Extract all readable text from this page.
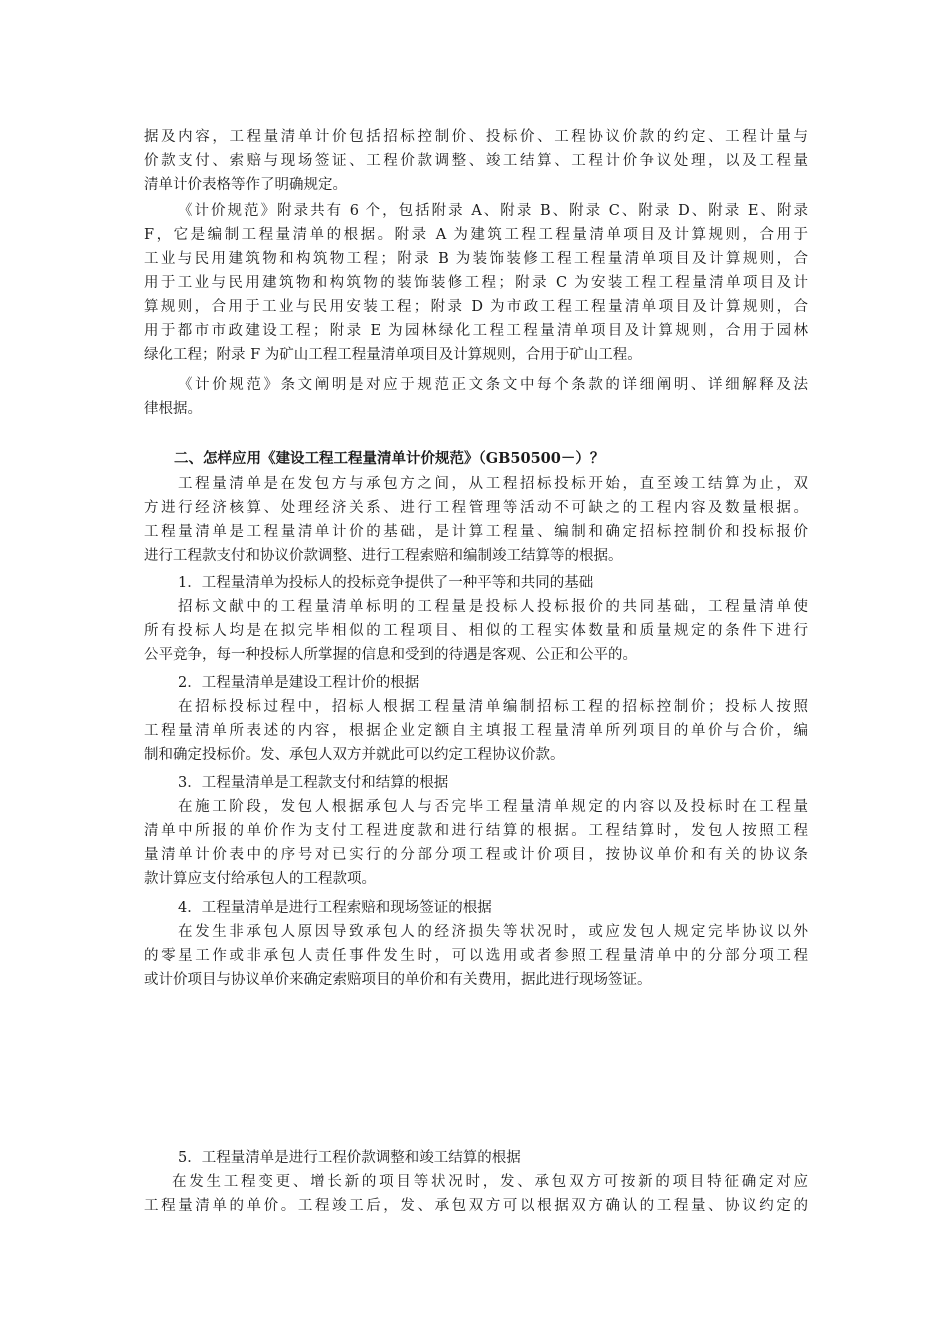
据及内容，工程量清单计价包括招标控制价、投标价、工程协议价款的约定、工程计量与
价款支付、索赔与现场签证、工程价款调整、竣工结算、工程计价争议处理，以及工程量
清单计价表格等作了明确规定。
《计价规范》附录共有 6 个，包括附录 A、附录 B、附录 C、附录 D、附录 E、附录
F，它是编制工程量清单的根据。附录 A 为建筑工程工程量清单项目及计算规则，合用于
工业与民用建筑物和构筑物工程；附录 B 为装饰装修工程工程量清单项目及计算规则，合
用于工业与民用建筑物和构筑物的装饰装修工程；附录 C 为安装工程工程量清单项目及计
算规则，合用于工业与民用安装工程；附录 D 为市政工程工程量清单项目及计算规则，合
用于都市市政建设工程；附录 E 为园林绿化工程工程量清单项目及计算规则，合用于园林
绿化工程；附录 F 为矿山工程工程量清单项目及计算规则，合用于矿山工程。
《计价规范》条文阐明是对应于规范正文条文中每个条款的详细阐明、详细解释及法
律根据。
二、怎样应用《建设工程工程量清单计价规范》（GB50500－）？
工程量清单是在发包方与承包方之间，从工程招标投标开始，直至竣工结算为止，双
方进行经济核算、处理经济关系、进行工程管理等活动不可缺之的工程内容及数量根据。
工程量清单是工程量清单计价的基础，是计算工程量、编制和确定招标控制价和投标报价
进行工程款支付和协议价款调整、进行工程索赔和编制竣工结算等的根据。
1．工程量清单为投标人的投标竞争提供了一种平等和共同的基础
招标文献中的工程量清单标明的工程量是投标人投标报价的共同基础，工程量清单使
所有投标人均是在拟完毕相似的工程项目、相似的工程实体数量和质量规定的条件下进行
公平竞争，每一种投标人所掌握的信息和受到的待遇是客观、公正和公平的。
2．工程量清单是建设工程计价的根据
在招标投标过程中，招标人根据工程量清单编制招标工程的招标控制价；投标人按照
工程量清单所表述的内容，根据企业定额自主填报工程量清单所列项目的单价与合价，编
制和确定投标价。发、承包人双方并就此可以约定工程协议价款。
3．工程量清单是工程款支付和结算的根据
在施工阶段，发包人根据承包人与否完毕工程量清单规定的内容以及投标时在工程量
清单中所报的单价作为支付工程进度款和进行结算的根据。工程结算时，发包人按照工程
量清单计价表中的序号对已实行的分部分项工程或计价项目，按协议单价和有关的协议条
款计算应支付给承包人的工程款项。
4．工程量清单是进行工程索赔和现场签证的根据
在发生非承包人原因导致承包人的经济损失等状况时，或应发包人规定完毕协议以外
的零星工作或非承包人责任事件发生时，可以选用或者参照工程量清单中的分部分项工程
或计价项目与协议单价来确定索赔项目的单价和有关费用，据此进行现场签证。
5．工程量清单是进行工程价款调整和竣工结算的根据
在发生工程变更、增长新的项目等状况时，发、承包双方可按新的项目特征确定对应
工程量清单的单价。工程竣工后，发、承包双方可以根据双方确认的工程量、协议约定的
